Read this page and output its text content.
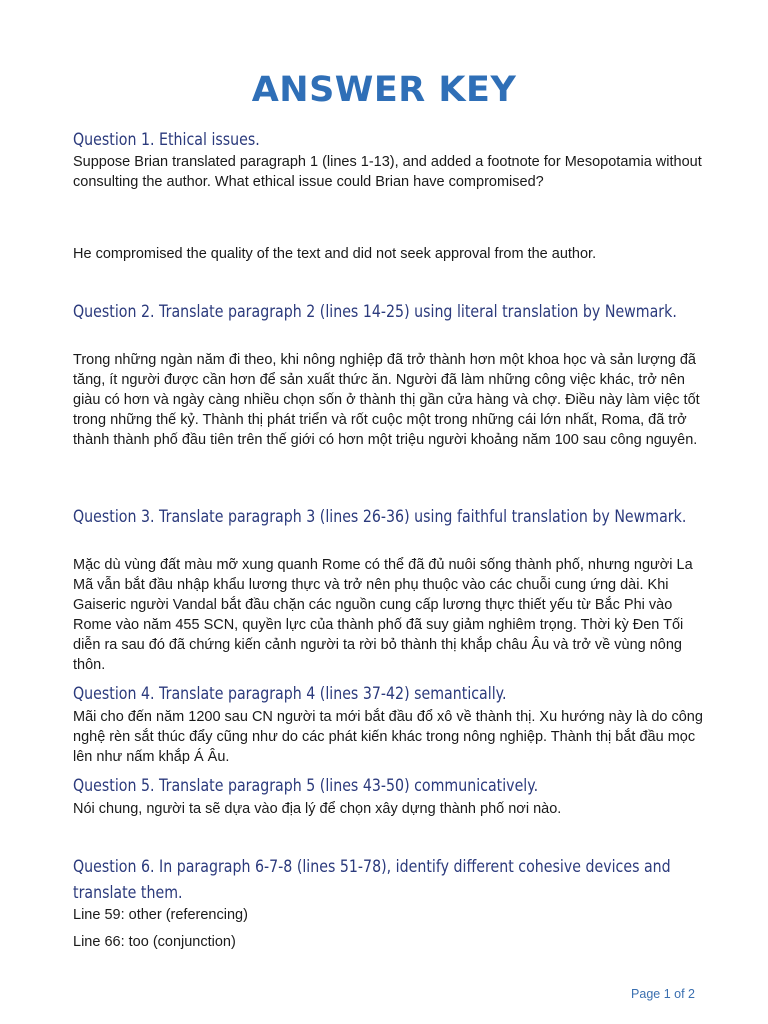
ANSWER KEY

Question 1. Ethical issues.

Suppose Brian translated paragraph 1 (lines 1-13), and added a footnote for Mesopotamia without consulting the author. What ethical issue could Brian have compromised?

He compromised the quality of the text and did not seek approval from the author.

Question 2. Translate paragraph 2 (lines 14-25) using literal translation by Newmark.

Trong những ngàn năm đi theo, khi nông nghiệp đã trở thành hơn một khoa học và sản lượng đã tăng, ít người được cần hơn để sản xuất thức ăn. Người đã làm những công việc khác, trở nên giàu có hơn và ngày càng nhiều chọn sốn ở thành thị gần cửa hàng và chợ. Điều này làm việc tốt trong những thế kỷ. Thành thị phát triển và rốt cuộc một trong những cái lớn nhất, Roma, đã trở thành thành phố đầu tiên trên thế giới có hơn một triệu người khoảng năm 100 sau công nguyên.

Question 3. Translate paragraph 3 (lines 26-36) using faithful translation by Newmark.

Mặc dù vùng đất màu mỡ xung quanh Rome có thể đã đủ nuôi sống thành phố, nhưng người La Mã vẫn bắt đầu nhập khẩu lương thực và trở nên phụ thuộc vào các chuỗi cung ứng dài. Khi Gaiseric người Vandal bắt đầu chặn các nguồn cung cấp lương thực thiết yếu từ Bắc Phi vào Rome vào năm 455 SCN, quyền lực của thành phố đã suy giảm nghiêm trọng. Thời kỳ Đen Tối diễn ra sau đó đã chứng kiến cảnh người ta rời bỏ thành thị khắp châu Âu và trở về vùng nông thôn.

Question 4. Translate paragraph 4 (lines 37-42) semantically.

Mãi cho đến năm 1200 sau CN người ta mới bắt đầu đổ xô về thành thị. Xu hướng này là do công nghệ rèn sắt thúc đẩy cũng như do các phát kiến khác trong nông nghiệp. Thành thị bắt đầu mọc lên như nấm khắp Á Âu.

Question 5. Translate paragraph 5 (lines 43-50) communicatively.

Nói chung, người ta sẽ dựa vào địa lý để chọn xây dựng thành phố nơi nào.

Question 6. In paragraph 6-7-8 (lines 51-78), identify different cohesive devices and translate them.

Line 59: other (referencing)

Line 66: too (conjunction)

Page 1 of 2
